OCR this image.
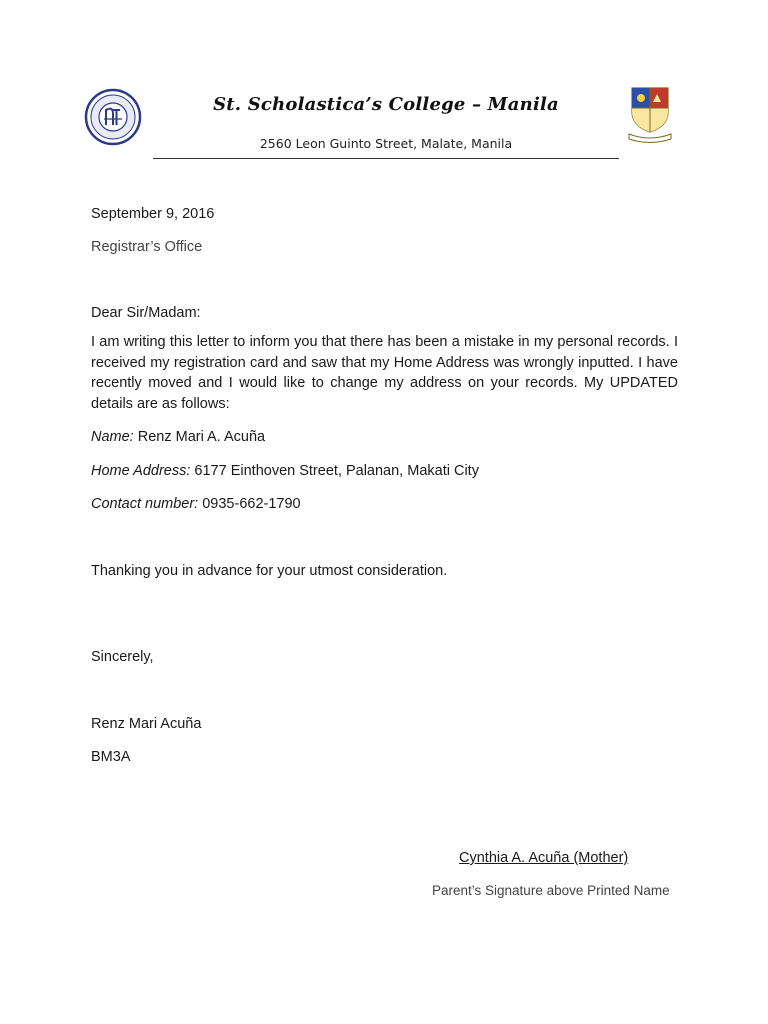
St. Scholastica’s College – Manila
2560 Leon Guinto Street, Malate, Manila
September 9, 2016
Registrar’s Office
Dear Sir/Madam:
I am writing this letter to inform you that there has been a mistake in my personal records. I received my registration card and saw that my Home Address was wrongly inputted. I have recently moved and I would like to change my address on your records. My UPDATED details are as follows:
Name: Renz Mari A. Acuña
Home Address: 6177 Einthoven Street, Palanan, Makati City
Contact number: 0935-662-1790
Thanking you in advance for your utmost consideration.
Sincerely,
Renz Mari Acuña
BM3A
Cynthia A. Acuña (Mother)
Parent’s Signature above Printed Name
